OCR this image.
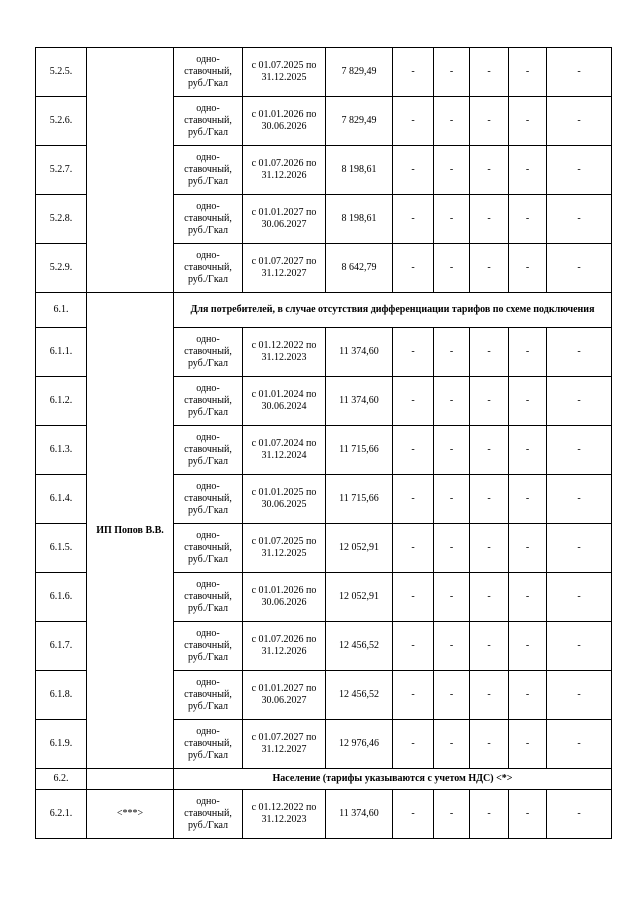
5.2.5.		одно-ставочный, руб./Гкал	с 01.07.2025 по 31.12.2025	7 829,49	-	-	-	-	-
5.2.6.		одно-ставочный, руб./Гкал	с 01.01.2026 по 30.06.2026	7 829,49	-	-	-	-	-
5.2.7.		одно-ставочный, руб./Гкал	с 01.07.2026 по 31.12.2026	8 198,61	-	-	-	-	-
5.2.8.		одно-ставочный, руб./Гкал	с 01.01.2027 по 30.06.2027	8 198,61	-	-	-	-	-
5.2.9.		одно-ставочный, руб./Гкал	с 01.07.2027 по 31.12.2027	8 642,79	-	-	-	-	-
6.1.	ИП Попов В.В.	Для потребителей, в случае отсутствия дифференциации тарифов по схеме подключения							
6.1.1.		одно-ставочный, руб./Гкал	с 01.12.2022 по 31.12.2023	11 374,60	-	-	-	-	-
6.1.2.		одно-ставочный, руб./Гкал	с 01.01.2024 по 30.06.2024	11 374,60	-	-	-	-	-
6.1.3.		одно-ставочный, руб./Гкал	с 01.07.2024 по 31.12.2024	11 715,66	-	-	-	-	-
6.1.4.		одно-ставочный, руб./Гкал	с 01.01.2025 по 30.06.2025	11 715,66	-	-	-	-	-
6.1.5.		одно-ставочный, руб./Гкал	с 01.07.2025 по 31.12.2025	12 052,91	-	-	-	-	-
6.1.6.		одно-ставочный, руб./Гкал	с 01.01.2026 по 30.06.2026	12 052,91	-	-	-	-	-
6.1.7.		одно-ставочный, руб./Гкал	с 01.07.2026 по 31.12.2026	12 456,52	-	-	-	-	-
6.1.8.		одно-ставочный, руб./Гкал	с 01.01.2027 по 30.06.2027	12 456,52	-	-	-	-	-
6.1.9.		одно-ставочный, руб./Гкал	с 01.07.2027 по 31.12.2027	12 976,46	-	-	-	-	-
6.2.		Население (тарифы указываются с учетом НДС) <*>							
6.2.1.	<***>	одно-ставочный, руб./Гкал	с 01.12.2022 по 31.12.2023	11 374,60	-	-	-	-	-
